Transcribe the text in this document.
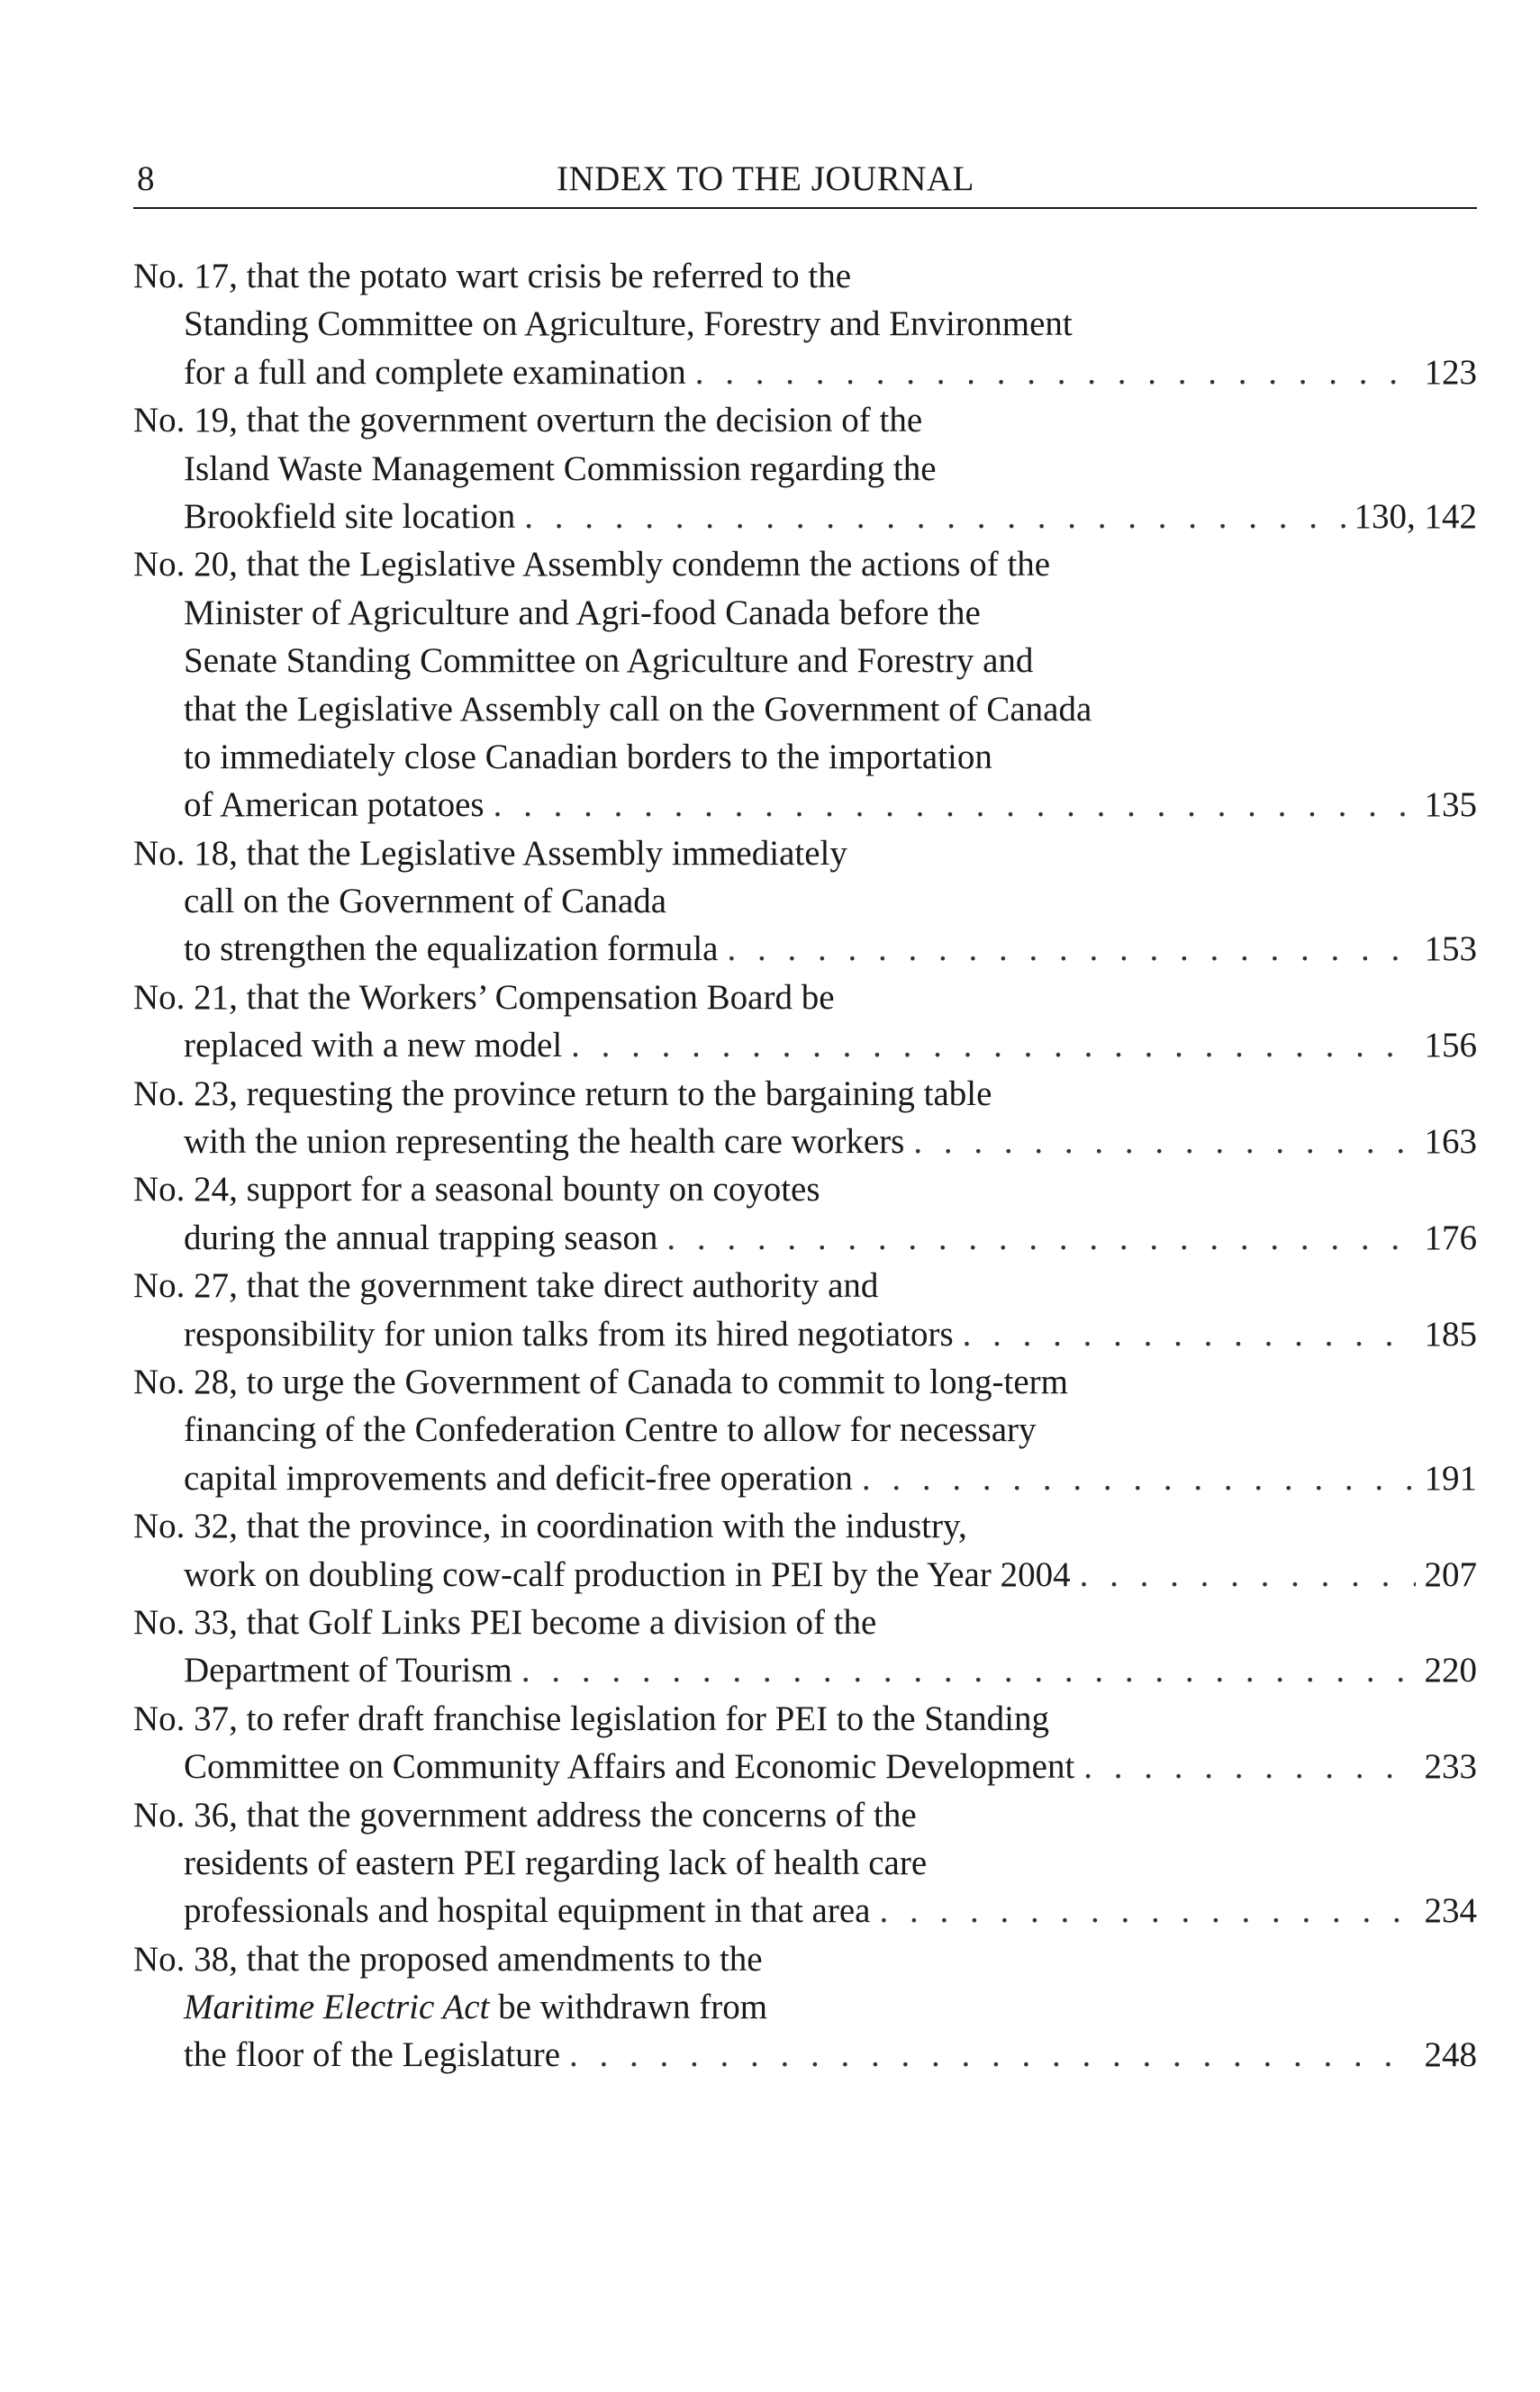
8	INDEX TO THE JOURNAL
No. 17, that the potato wart crisis be referred to the
Standing Committee on Agriculture, Forestry and Environment
for a full and complete examination . . .	123
No. 19, that the government overturn the decision of the
Island Waste Management Commission regarding the
Brookfield site location . . .	130, 142
No. 20, that the Legislative Assembly condemn the actions of the
Minister of Agriculture and Agri-food Canada before the
Senate Standing Committee on Agriculture and Forestry and
that the Legislative Assembly call on the Government of Canada
to immediately close Canadian borders to the importation
of American potatoes . . .	135
No. 18, that the Legislative Assembly immediately
call on the Government of Canada
to strengthen the equalization formula . . .	153
No. 21, that the Workers’ Compensation Board be
replaced with a new model . . .	156
No. 23, requesting the province return to the bargaining table
with the union representing the health care workers . . .	163
No. 24, support for a seasonal bounty on coyotes
during the annual trapping season . . .	176
No. 27, that the government take direct authority and
responsibility for union talks from its hired negotiators . . .	185
No. 28, to urge the Government of Canada to commit to long-term
financing of the Confederation Centre to allow for necessary
capital improvements and deficit-free operation . . .	191
No. 32, that the province, in coordination with the industry,
work on doubling cow-calf production in PEI by the Year 2004 . . .	207
No. 33, that Golf Links PEI become a division of the
Department of Tourism . . .	220
No. 37, to refer draft franchise legislation for PEI to the Standing
Committee on Community Affairs and Economic Development . . .	233
No. 36, that the government address the concerns of the
residents of eastern PEI regarding lack of health care
professionals and hospital equipment in that area . . .	234
No. 38, that the proposed amendments to the
Maritime Electric Act be withdrawn from
the floor of the Legislature . . .	248
